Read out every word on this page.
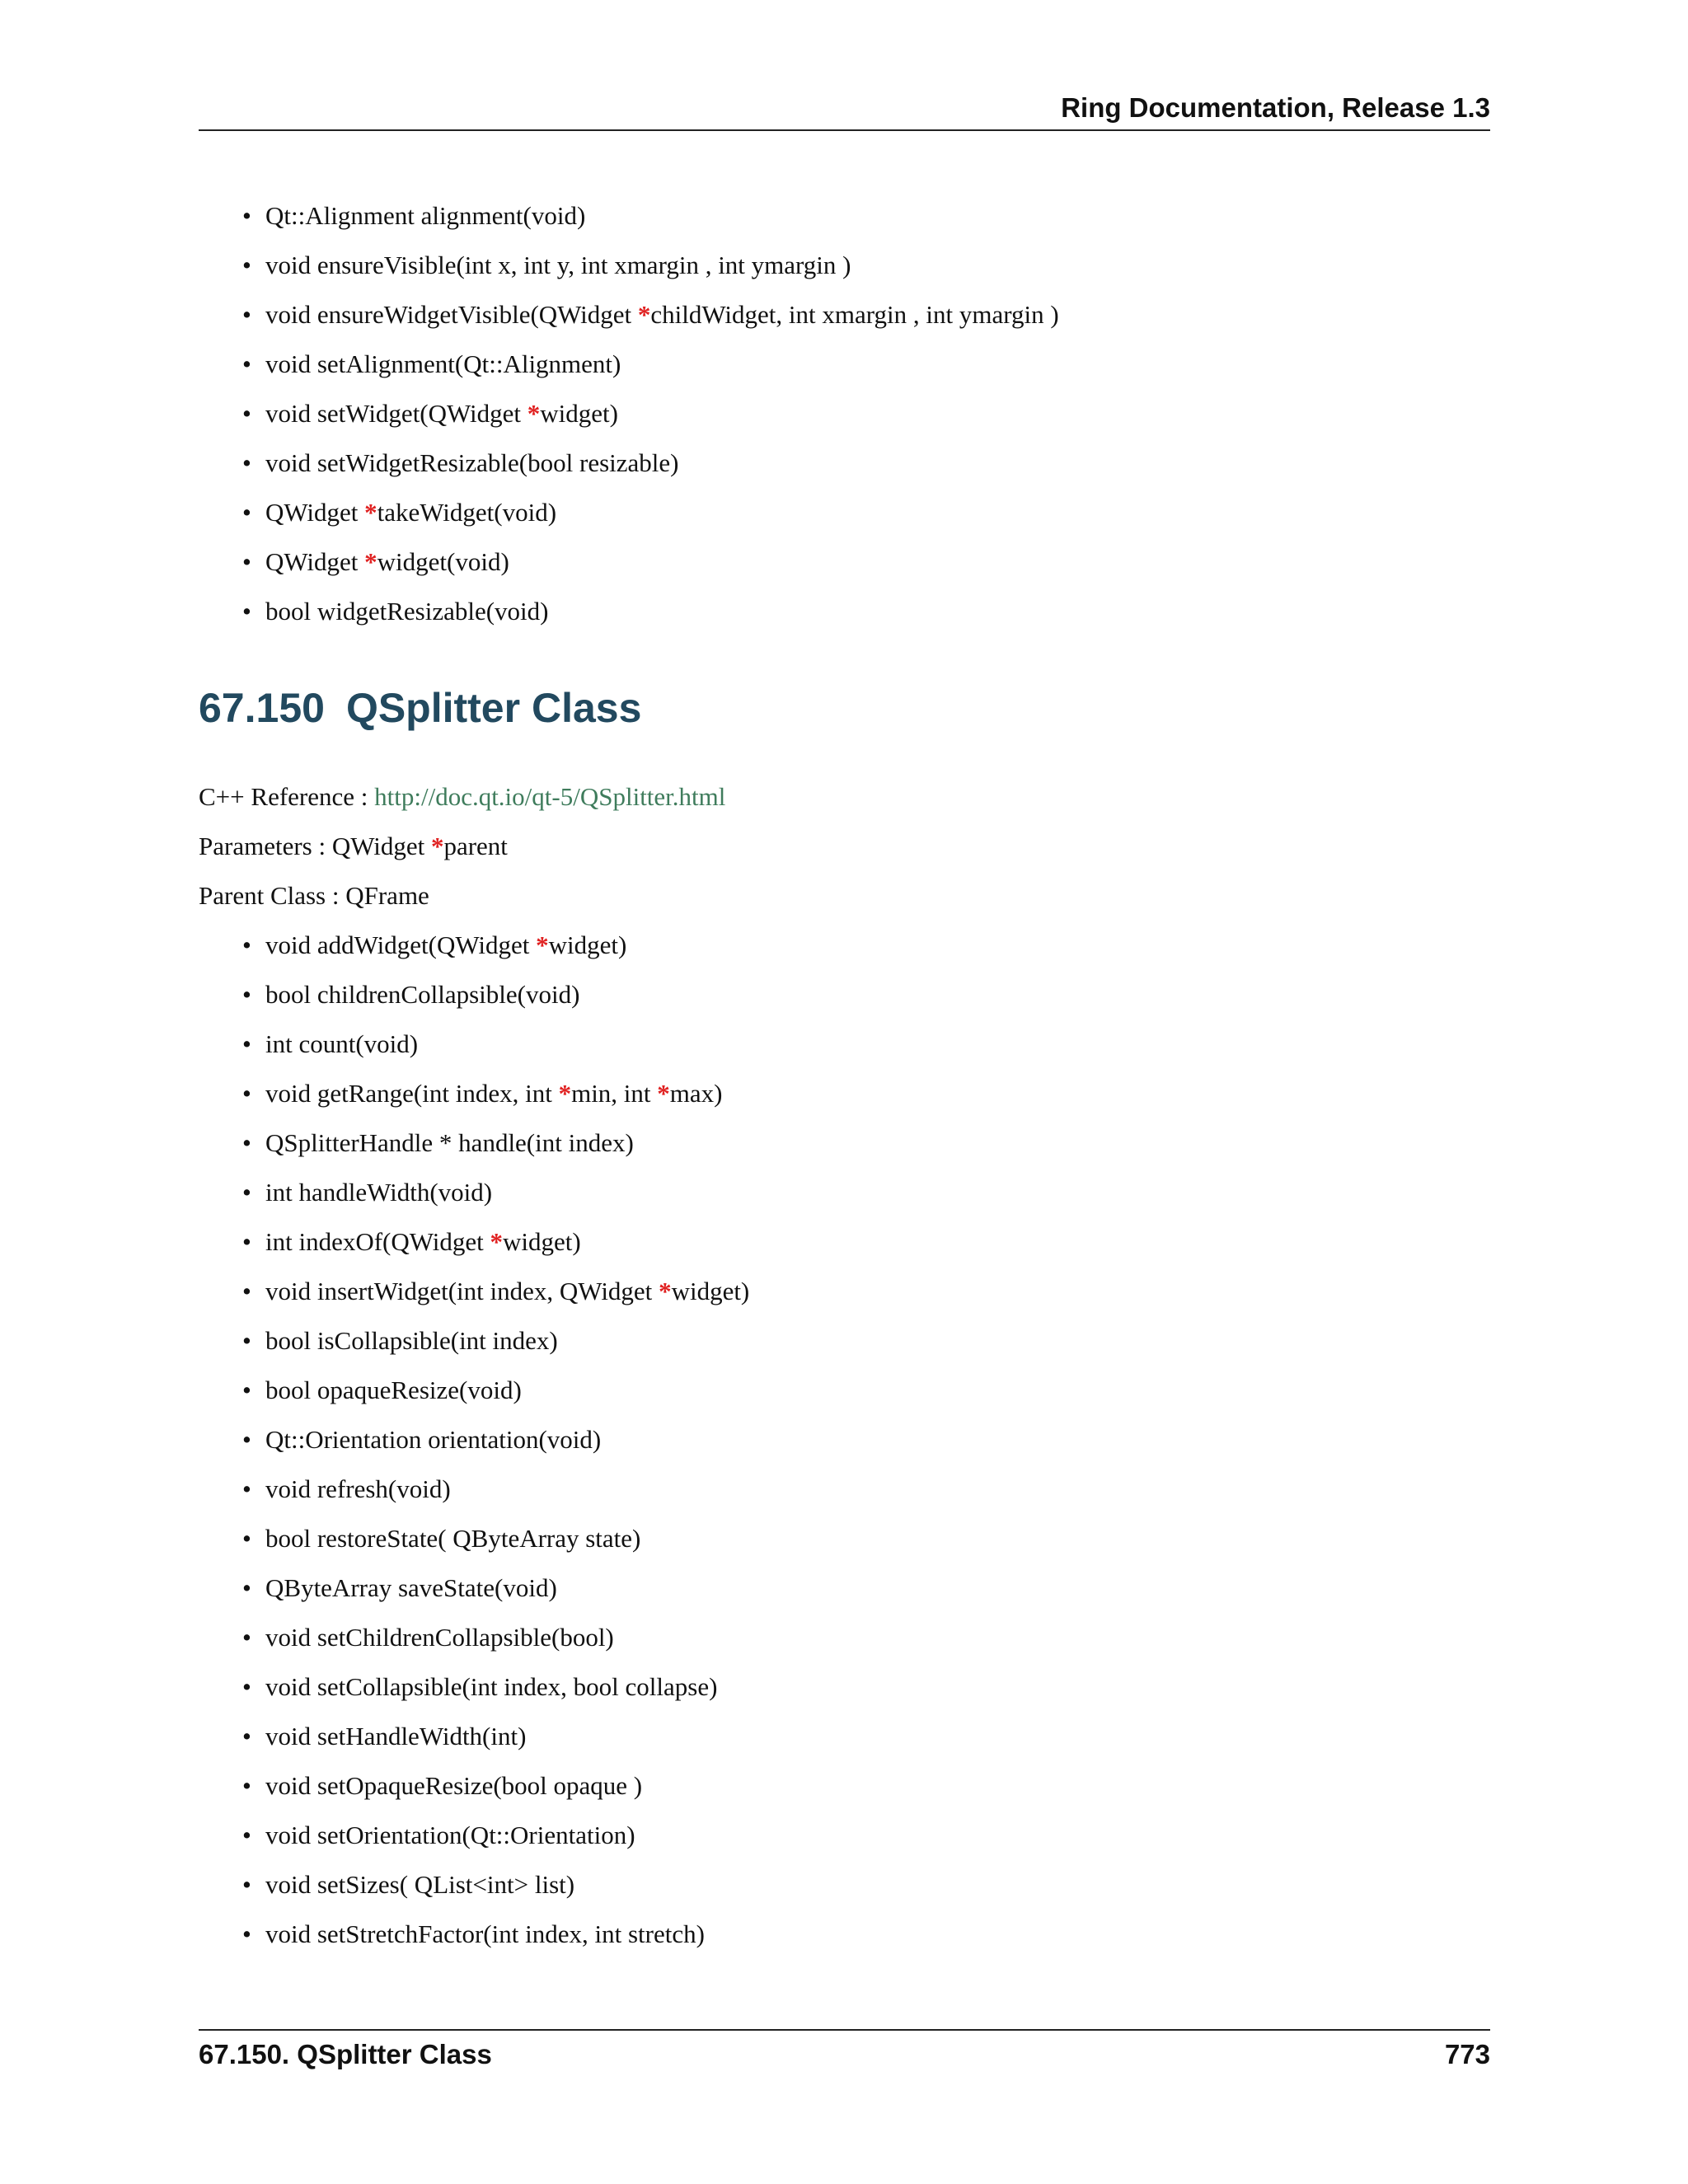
Ring Documentation, Release 1.3
• Qt::Alignment alignment(void)
• void ensureVisible(int x, int y, int xmargin , int ymargin )
• void ensureWidgetVisible(QWidget *childWidget, int xmargin , int ymargin )
• void setAlignment(Qt::Alignment)
• void setWidget(QWidget *widget)
• void setWidgetResizable(bool resizable)
• QWidget *takeWidget(void)
• QWidget *widget(void)
• bool widgetResizable(void)
67.150 QSplitter Class
C++ Reference : http://doc.qt.io/qt-5/QSplitter.html
Parameters : QWidget *parent
Parent Class : QFrame
• void addWidget(QWidget *widget)
• bool childrenCollapsible(void)
• int count(void)
• void getRange(int index, int *min, int *max)
• QSplitterHandle * handle(int index)
• int handleWidth(void)
• int indexOf(QWidget *widget)
• void insertWidget(int index, QWidget *widget)
• bool isCollapsible(int index)
• bool opaqueResize(void)
• Qt::Orientation orientation(void)
• void refresh(void)
• bool restoreState( QByteArray state)
• QByteArray saveState(void)
• void setChildrenCollapsible(bool)
• void setCollapsible(int index, bool collapse)
• void setHandleWidth(int)
• void setOpaqueResize(bool opaque )
• void setOrientation(Qt::Orientation)
• void setSizes( QList<int> list)
• void setStretchFactor(int index, int stretch)
67.150. QSplitter Class	773
